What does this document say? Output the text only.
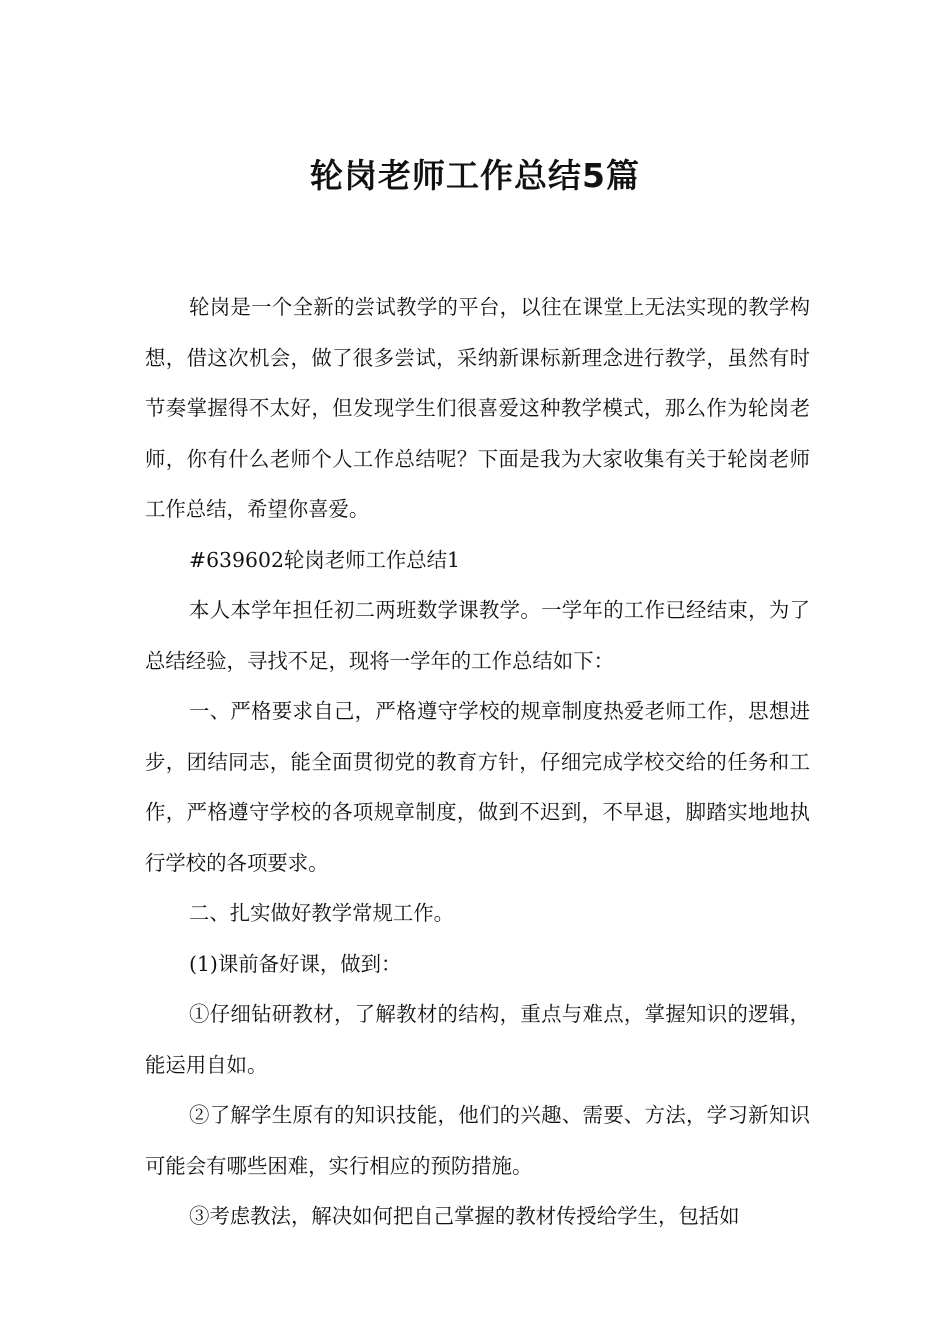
轮岗老师工作总结5篇

轮岗是一个全新的尝试教学的平台，以往在课堂上无法实现的教学构想，借这次机会，做了很多尝试，采纳新课标新理念进行教学，虽然有时节奏掌握得不太好，但发现学生们很喜爱这种教学模式，那么作为轮岗老师，你有什么老师个人工作总结呢？下面是我为大家收集有关于轮岗老师工作总结，希望你喜爱。

#639602轮岗老师工作总结1

本人本学年担任初二两班数学课教学。一学年的工作已经结束，为了总结经验，寻找不足，现将一学年的工作总结如下：

一、严格要求自己，严格遵守学校的规章制度热爱老师工作，思想进步，团结同志，能全面贯彻党的教育方针，仔细完成学校交给的任务和工作，严格遵守学校的各项规章制度，做到不迟到，不早退，脚踏实地地执行学校的各项要求。

二、扎实做好教学常规工作。

(1)课前备好课，做到：

①仔细钻研教材，了解教材的结构，重点与难点，掌握知识的逻辑，能运用自如。

②了解学生原有的知识技能，他们的兴趣、需要、方法，学习新知识可能会有哪些困难，实行相应的预防措施。

③考虑教法，解决如何把自己掌握的教材传授给学生，包括如
